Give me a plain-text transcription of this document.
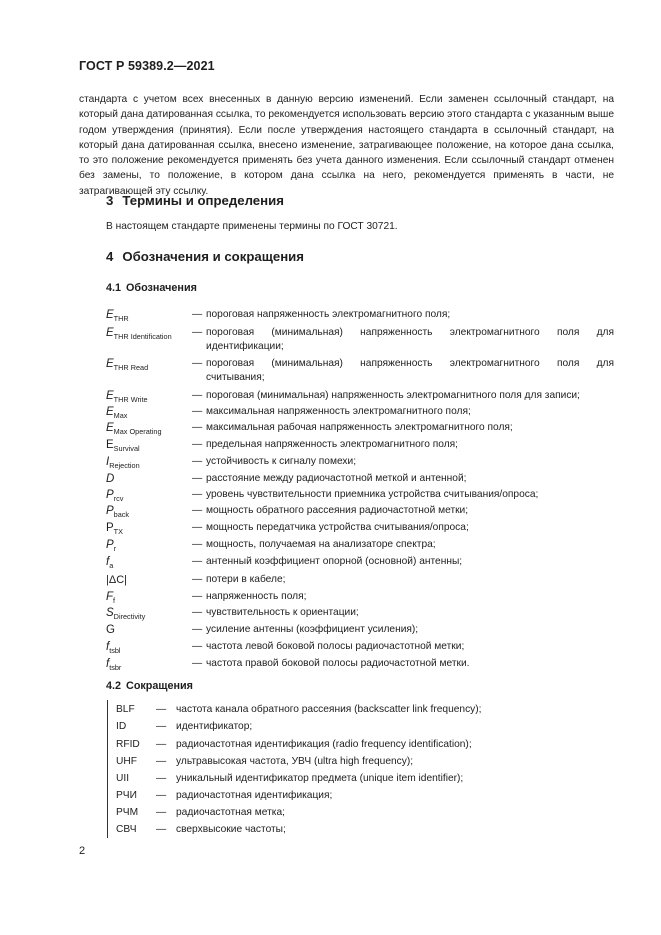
ГОСТ Р 59389.2—2021

стандарта с учетом всех внесенных в данную версию изменений. Если заменен ссылочный стандарт, на который дана датированная ссылка, то рекомендуется использовать версию этого стандарта с указанным выше годом утверждения (принятия). Если после утверждения настоящего стандарта в ссылочный стандарт, на который дана датированная ссылка, внесено изменение, затрагивающее положение, на которое дана ссылка, то это положение рекомендуется применять без учета данного изменения. Если ссылочный стандарт отменен без замены, то положение, в котором дана ссылка на него, рекомендуется применять в части, не затрагивающей эту ссылку.

3 Термины и определения
В настоящем стандарте применены термины по ГОСТ 30721.
4 Обозначения и сокращения
4.1 Обозначения
$E_{THR}$	— пороговая напряженность электромагнитного поля;
$E_{THR Identification}$	— пороговая (минимальная) напряженность электромагнитного поля для
идентификации;
$E_{THR Read}$	— пороговая (минимальная) напряженность электромагнитного поля для
считывания;
$E_{THR Write}$	— пороговая (минимальная) напряженность электромагнитного поля для записи;
$E_{Max}$	— максимальная напряженность электромагнитного поля;
$E_{Max Operating}$	— максимальная рабочая напряженность электромагнитного поля;
$E_{Survival}$	— предельная напряженность электромагнитного поля;
$I_{Rejection}$	— устойчивость к сигналу помехи;
D	— расстояние между радиочастотной меткой и антенной;
$P_{rcv}$	— уровень чувствительности приемника устройства считывания/опроса;
$P_{back}$	— мощность обратного рассеяния радиочастотной метки;
$P_{TX}$	— мощность передатчика устройства считывания/опроса;
$P_r$	— мощность, получаемая на анализаторе спектра;
$f_a$	— антенный коэффициент опорной (основной) антенны;
|ΔC|	— потери в кабеле;
$F_f$	— напряженность поля;
$S_{Directivity}$	— чувствительность к ориентации;
G	— усиление антенны (коэффициент усиления);
$f_{tsbl}$	— частота левой боковой полосы радиочастотной метки;
$f_{tsbr}$	— частота правой боковой полосы радиочастотной метки.
4.2 Сокращения
BLF — частота канала обратного рассеяния (backscatter link frequency);
ID	— идентификатор;
RFID — радиочастотная идентификация (radio frequency identification);
UHF — ультравысокая частота, УВЧ (ultra high frequency);
UII	— уникальный идентификатор предмета (unique item identifier);
РЧИ — радиочастотная идентификация;
РЧМ — радиочастотная метка;
СВЧ — сверхвысокие частоты;
2
